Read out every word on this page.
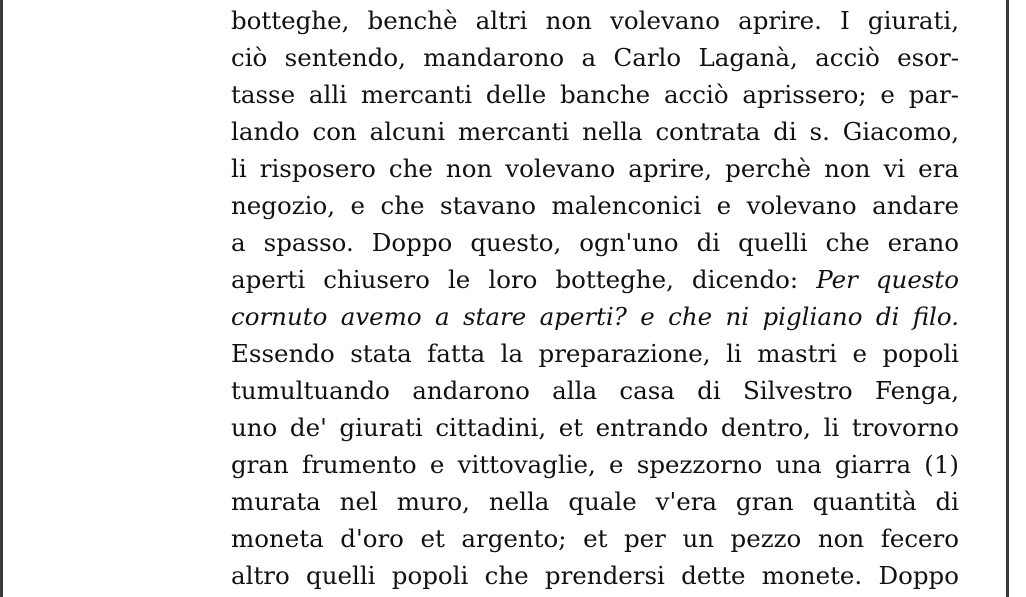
botteghe, benchè altri non volevano aprire. I giurati,
ciò sentendo, mandarono a Carlo Laganà, acciò esor-
tasse alli mercanti delle banche acciò aprissero; e par-
lando con alcuni mercanti nella contrata di s. Giacomo,
li risposero che non volevano aprire, perchè non vi era
negozio, e che stavano malenconici e volevano andare
a spasso. Doppo questo, ogn'uno di quelli che erano
aperti chiusero le loro botteghe, dicendo: Per questo
cornuto avemo a stare aperti? e che ni pigliano di filo.
Essendo stata fatta la preparazione, li mastri e popoli
tumultuando andarono alla casa di Silvestro Fenga,
uno de' giurati cittadini, et entrando dentro, li trovorno
gran frumento e vittovaglie, e spezzorno una giarra (1)
murata nel muro, nella quale v'era gran quantità di
moneta d'oro et argento; et per un pezzo non fecero
altro quelli popoli che prendersi dette monete. Doppo
